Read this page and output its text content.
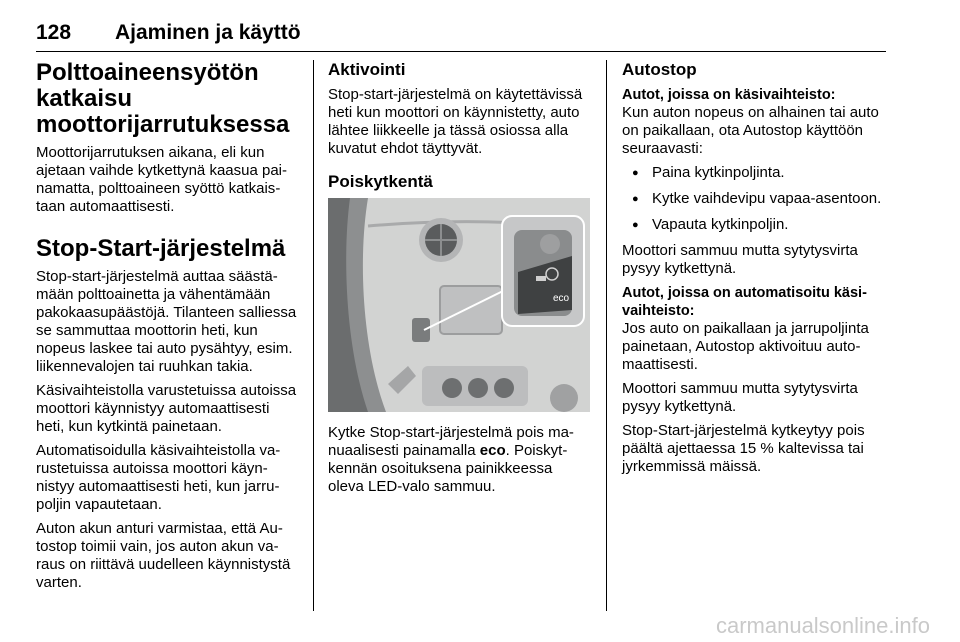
128 Ajaminen ja käyttö
Polttoaineensyötön katkaisu moottorijarrutuksessa

Moottorijarrutuksen aikana, eli kun ajetaan vaihde kytkettynä kaasua painamatta, polttoaineen syöttö katkaistaan automaattisesti.

Stop-Start-järjestelmä

Stop-start-järjestelmä auttaa säästämään polttoainetta ja vähentämään pakokaasupäästöjä. Tilanteen salliessa se sammuttaa moottorin heti, kun nopeus laskee tai auto pysähtyy, esim. liikennevalojen tai ruuhkan takia.

Käsivaihteistolla varustetuissa autoissa moottori käynnistyy automaattisesti heti, kun kytkintä painetaan.

Automatisoidulla käsivaihteistolla varustetuissa autoissa moottori käynnistyy automaattisesti heti, kun jarrupoljin vapautetaan.

Auton akun anturi varmistaa, että Autostop toimii vain, jos auton akun varaus on riittävä uudelleen käynnistystä varten.

Aktivointi

Stop-start-järjestelmä on käytettävissä heti kun moottori on käynnistetty, auto lähtee liikkeelle ja tässä osiossa alla kuvatut ehdot täyttyvät.

Poiskytkentä
eco

Kytke Stop-start-järjestelmä pois manuaalisesti painamalla eco. Poiskytkennän osoituksena painikkeessa oleva LED-valo sammuu.

Autostop
Autot, joissa on käsivaihteisto:

Kun auton nopeus on alhainen tai auto on paikallaan, ota Autostop käyttöön seuraavasti:

● Paina kytkinpoljinta.
● Kytke vaihdevipu vapaa-asentoon.
● Vapauta kytkinpoljin.

Moottori sammuu mutta sytytysvirta pysyy kytkettynä.

Autot, joissa on automatisoitu käsivaihteisto:

Jos auto on paikallaan ja jarrupoljinta painetaan, Autostop aktivoituu automaattisesti.

Moottori sammuu mutta sytytysvirta pysyy kytkettynä.

Stop-Start-järjestelmä kytkeytyy pois päältä ajettaessa 15 % kaltevissa tai jyrkemmissä mäissä.

carmanualsonline.info
